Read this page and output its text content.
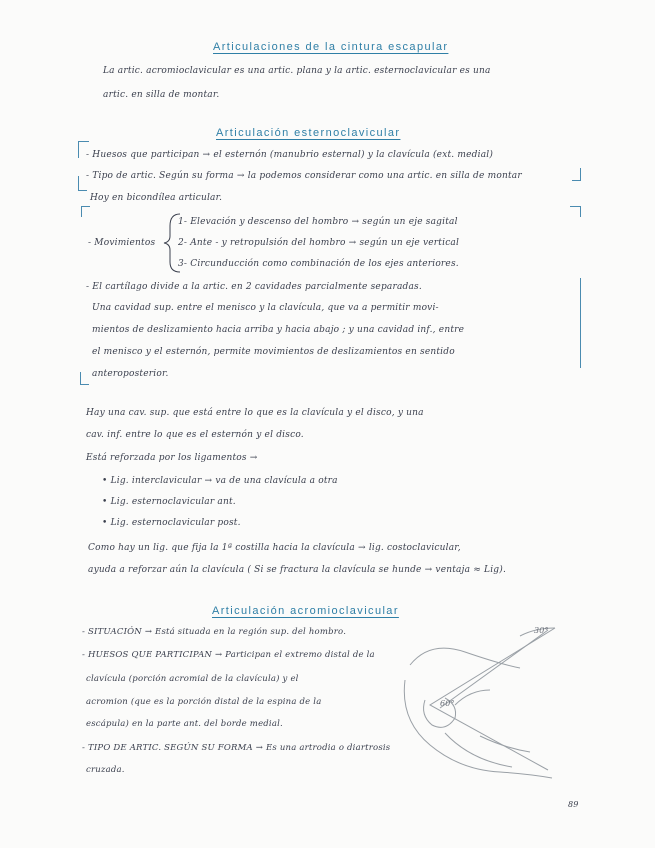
Articulaciones de la cintura escapular
La artic. acromioclavicular es una artic. plana y la artic. esternoclavicular es una
artic. en silla de montar.
Articulación esternoclavicular
- Huesos que participan → el esternón (manubrio esternal) y la clavícula (ext. medial)
- Tipo de artic. Según su forma → la podemos considerar como una artic. en silla de montar
Hoy en bicondílea articular.
- Movimientos
1- Elevación y descenso del hombro → según un eje sagital
2- Ante - y retropulsión del hombro → según un eje vertical
3- Circunducción como combinación de los ejes anteriores.
- El cartílago divide a la artic. en 2 cavidades parcialmente separadas.
Una cavidad sup. entre el menisco y la clavícula, que va a permitir movi-
mientos de deslizamiento hacia arriba y hacia abajo ; y una cavidad inf., entre
el menisco y el esternón, permite movimientos de deslizamientos en sentido
anteroposterior.
Hay una cav. sup. que está entre lo que es la clavícula y el disco, y una
cav. inf. entre lo que es el esternón y el disco.
Está reforzada por los ligamentos →
• Lig. interclavicular → va de una clavícula a otra
• Lig. esternoclavicular ant.
• Lig. esternoclavicular post.
Como hay un lig. que fija la 1ª costilla hacia la clavícula → lig. costoclavicular,
ayuda a reforzar aún la clavícula ( Si se fractura la clavícula se hunde → ventaja ≈ Lig).
Articulación acromioclavicular
- SITUACIÓN → Está situada en la región sup. del hombro.
- HUESOS QUE PARTICIPAN → Participan el extremo distal de la
clavícula (porción acromial de la clavícula) y el
acromion (que es la porción distal de la espina de la
escápula) en la parte ant. del borde medial.
- TIPO DE ARTIC. SEGÚN SU FORMA → Es una artrodia o diartrosis
cruzada.
30°
60°
89
